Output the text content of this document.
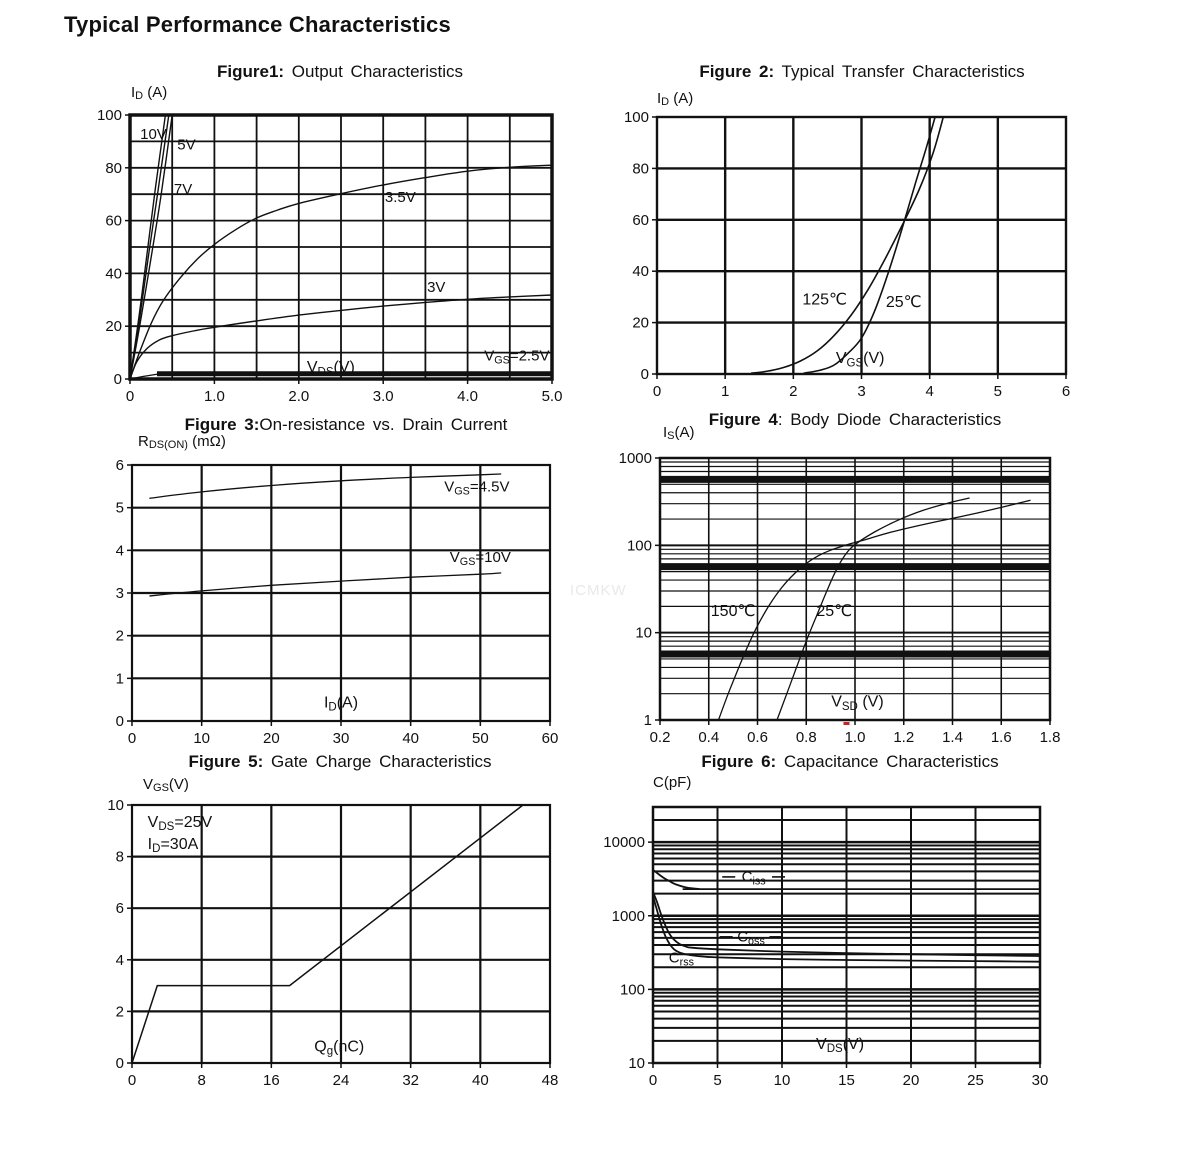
Typical Performance Characteristics
ICMKW
Figure1: Output Characteristics
ID (A)
0	1.0	2.0	3.0	4.0	5.0
0
20
40
60
80
100
$V_{DS}(V)$
10V
5V
7V	3.5V
3V
$V_{GS}=2.5V$
Figure 2: Typical Transfer Characteristics
ID (A)
0	1	2	3	4	5	6
0
20
40
60
80
100
$V_{GS}(V)$
125℃ 25℃
Figure 3:On-resistance vs. Drain Current
RDS(ON) (mΩ)
0	10	20	30	40	50	60
0
1
2
3
4
5
6
$I_D(A)$
$V_{GS}=4.5V$
$V_{GS}=10V$
Figure 4: Body Diode Characteristics
IS(A)
0.2 0.4 0.6 0.8 1.0 1.2 1.4 1.6 1.8
1
10
100
1000
$V_{SD}$ (V)
150℃	25℃
Figure 5: Gate Charge Characteristics
VGS(V)
0	8	16	24	32	40	48
0
2
4
6
8
10
$Q_g(nC)$
$V_{DS}=25V$
$I_D=30A$
Figure 6: Capacitance Characteristics
C(pF)
0	5	10	15	20	25	30
10
100
1000
10000
$V_{DS}(V)$
$C_{iss}$
$C_{oss}$
$C_{rss}$
